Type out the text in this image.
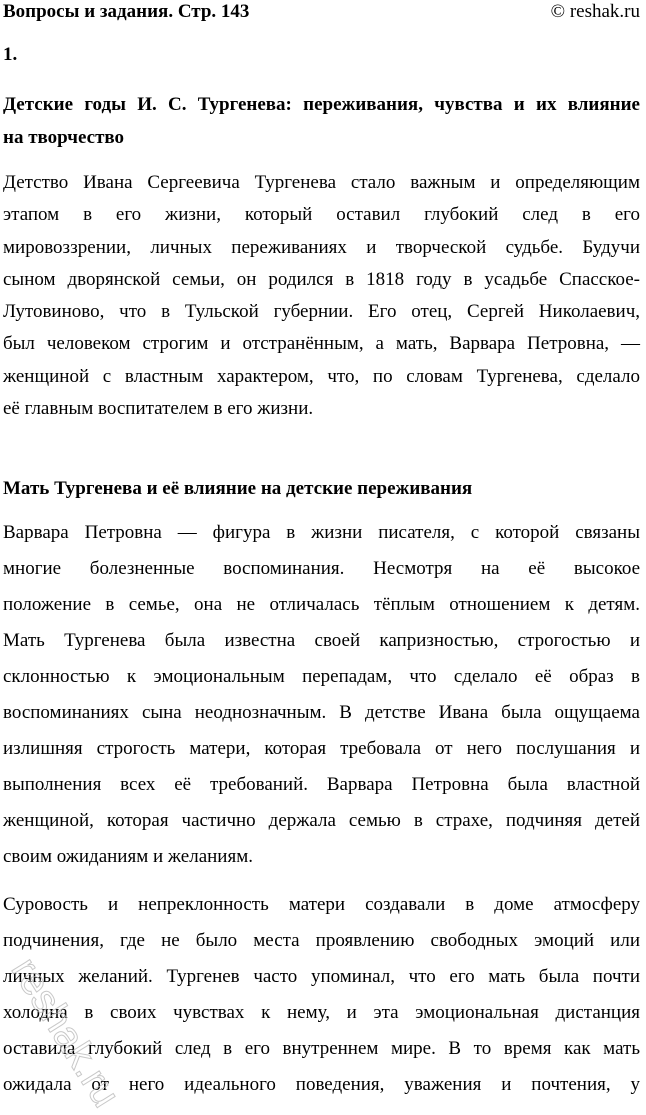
Вопросы и задания. Стр. 143	© reshak.ru
1.
Детские годы И. С. Тургенева: переживания, чувства и их влияние
на творчество
Детство Ивана Сергеевича Тургенева стало важным и определяющим
этапом в его жизни, который оставил глубокий след в его
мировоззрении, личных переживаниях и творческой судьбе. Будучи
сыном дворянской семьи, он родился в 1818 году в усадьбе Спасское-
Лутовиново, что в Тульской губернии. Его отец, Сергей Николаевич,
был человеком строгим и отстранённым, а мать, Варвара Петровна, —
женщиной с властным характером, что, по словам Тургенева, сделало
её главным воспитателем в его жизни.
Мать Тургенева и её влияние на детские переживания
Варвара Петровна — фигура в жизни писателя, с которой связаны
многие болезненные воспоминания. Несмотря на её высокое
положение в семье, она не отличалась тёплым отношением к детям.
Мать Тургенева была известна своей капризностью, строгостью и
склонностью к эмоциональным перепадам, что сделало её образ в
воспоминаниях сына неоднозначным. В детстве Ивана была ощущаема
излишняя строгость матери, которая требовала от него послушания и
выполнения всех её требований. Варвара Петровна была властной
женщиной, которая частично держала семью в страхе, подчиняя детей
своим ожиданиям и желаниям.
Суровость и непреклонность матери создавали в доме атмосферу
подчинения, где не было места проявлению свободных эмоций или
личных желаний. Тургенев часто упоминал, что его мать была почти
холодна в своих чувствах к нему, и эта эмоциональная дистанция
оставила глубокий след в его внутреннем мире. В то время как мать
ожидала от него идеального поведения, уважения и почтения, у
reshak.ru
